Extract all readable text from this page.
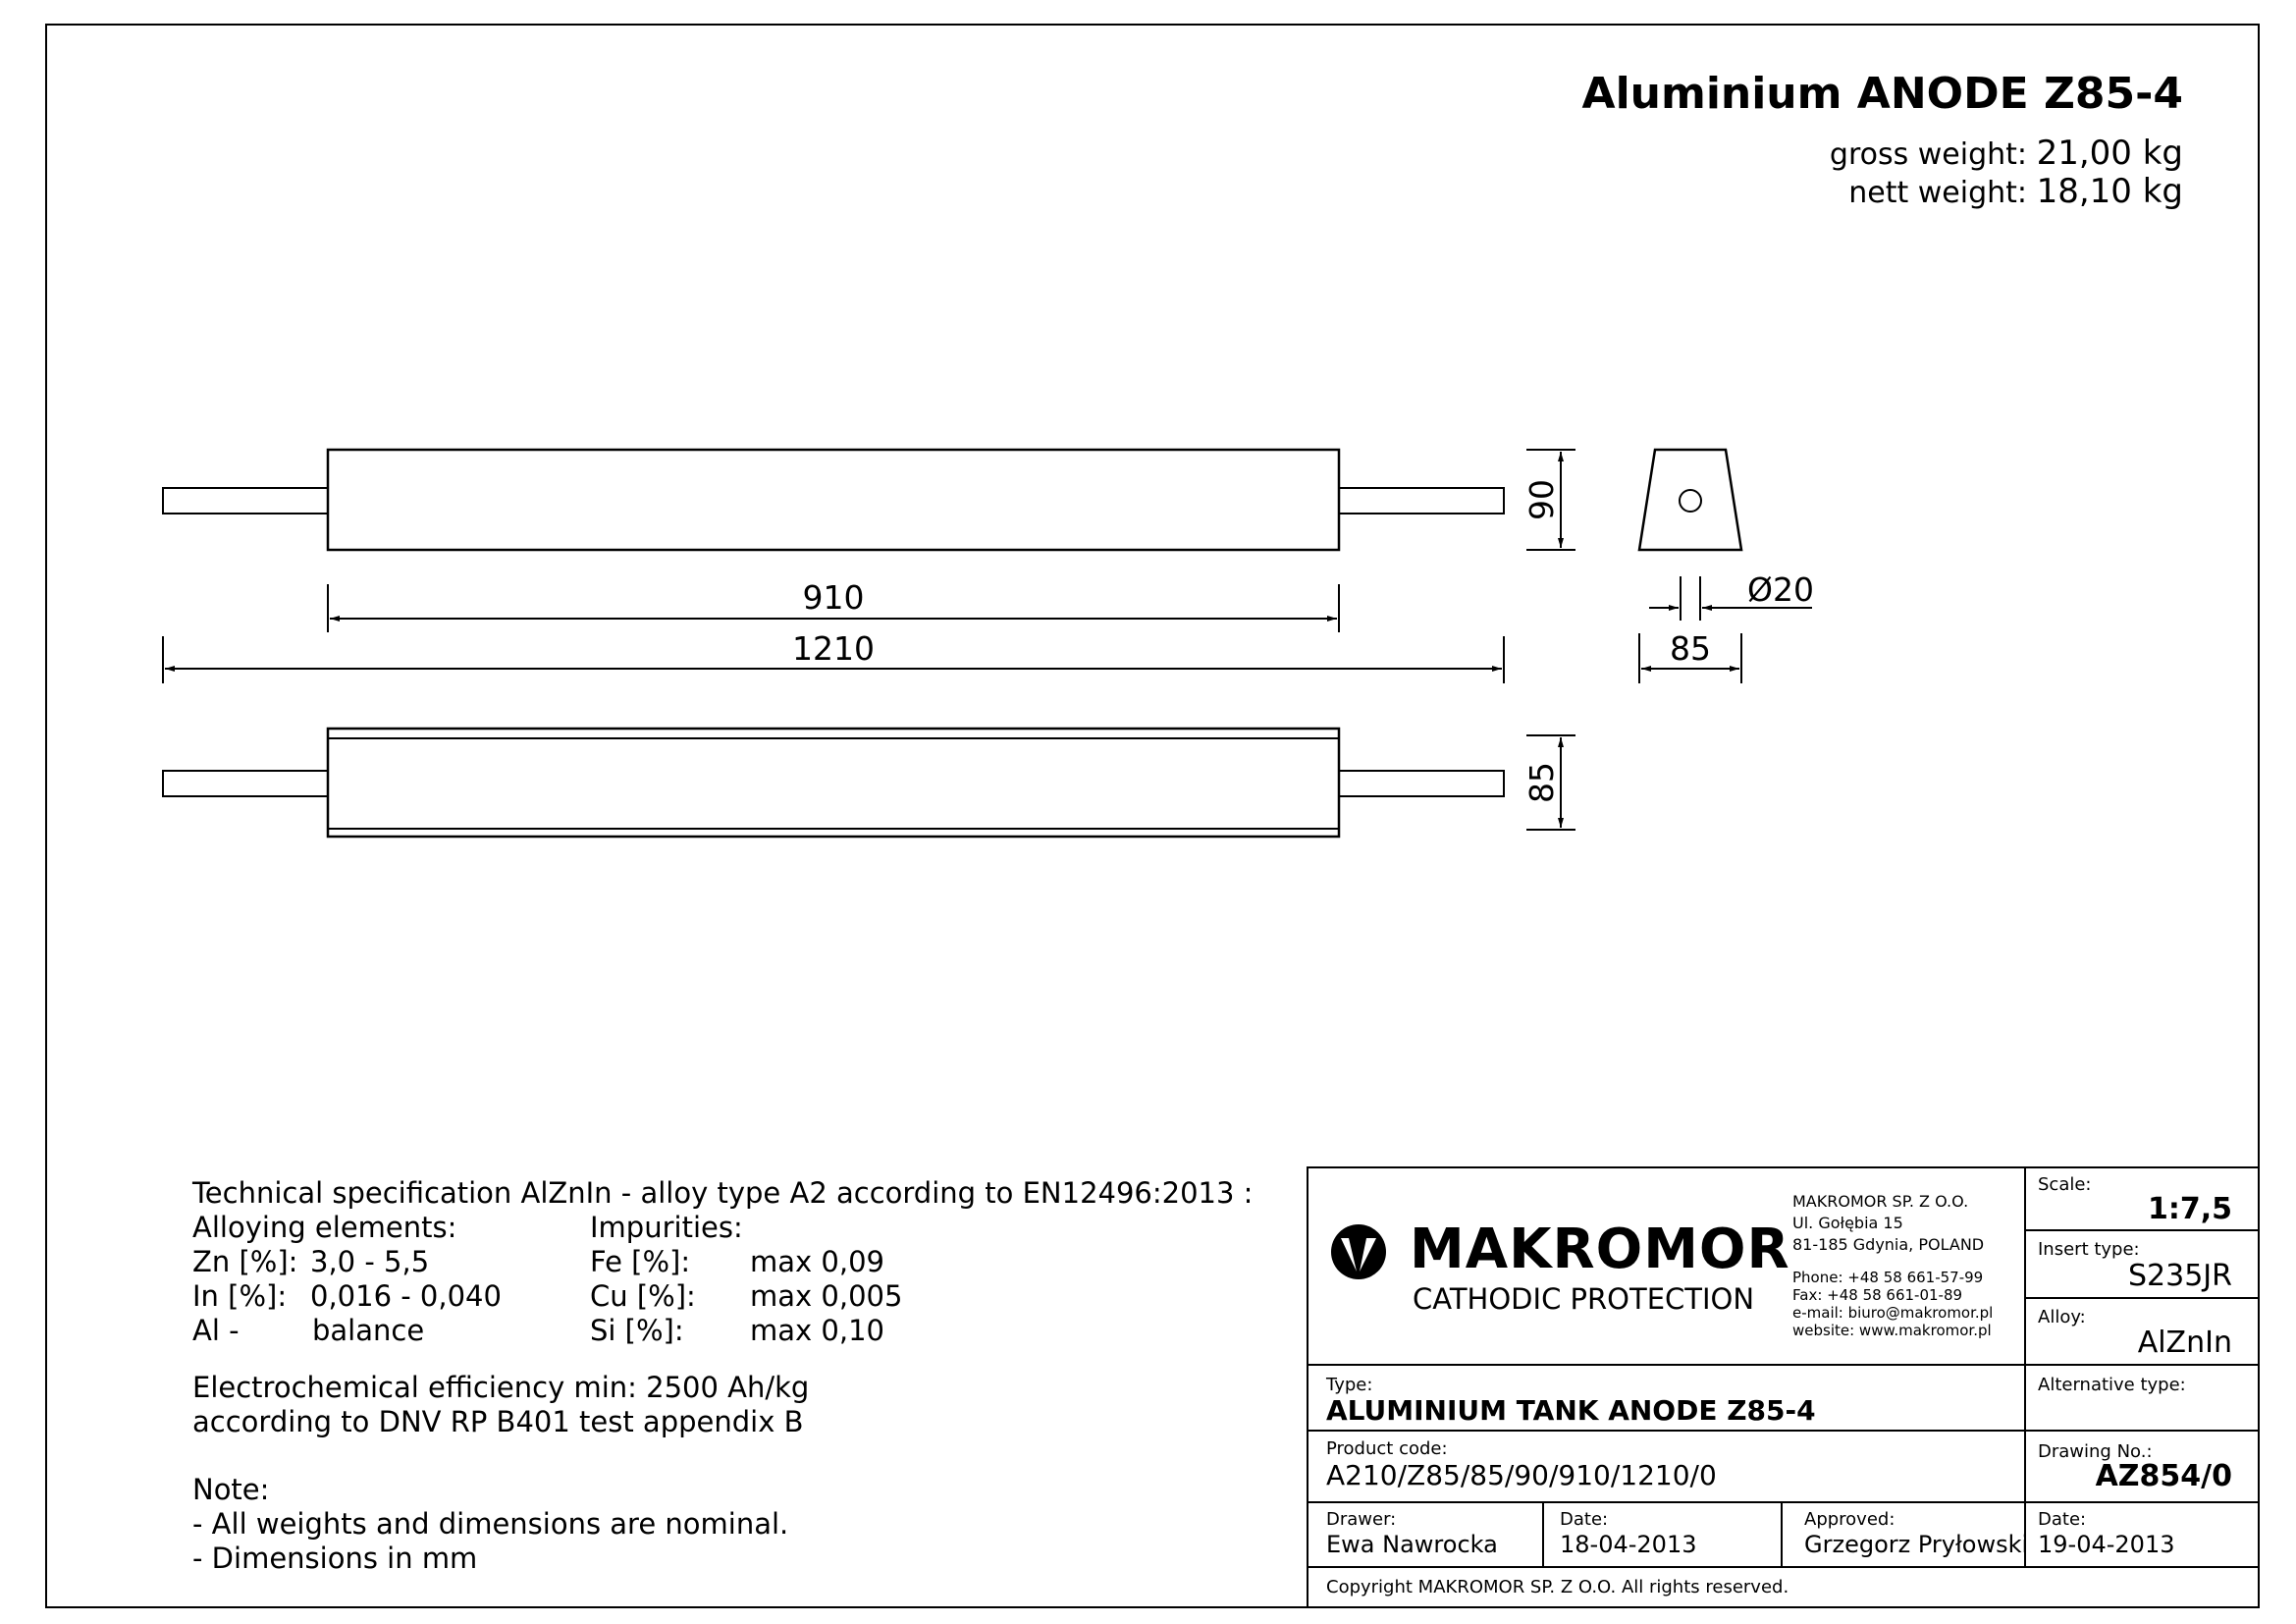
Aluminium ANODE Z85-4
gross weight: 21,00 kg
nett weight: 18,10 kg
910
1210
90
85
Ø20
85
Technical specification AlZnIn - alloy type A2 according to EN12496:2013 :
Alloying elements:	Impurities:
Zn [%]: 3,0 - 5,5
In [%]: 0,016 - 0,040
Al -	balance
Fe [%]: max 0,09
Cu [%]: max 0,005
Si [%]: max 0,10
Electrochemical efficiency min: 2500 Ah/kg
according to DNV RP B401 test appendix B
Note:
- All weights and dimensions are nominal.
- Dimensions in mm
MAKROMOR
CATHODIC PROTECTION
MAKROMOR SP. Z O.O.
Ul. Gołębia 15
81-185 Gdynia, POLAND
Phone: +48 58 661-57-99
Fax: +48 58 661-01-89
e-mail: biuro@makromor.pl
website: www.makromor.pl
Scale:
1:7,5
Insert type:
S235JR
Alloy:
AlZnIn
Alternative type:
Type:
ALUMINIUM TANK ANODE Z85-4
Product code:
A210/Z85/85/90/910/1210/0
Drawing No.:
AZ854/0
Drawer:
Ewa Nawrocka
Date:
18-04-2013
Approved:
Grzegorz Pryłowski
Date:
19-04-2013
Copyright MAKROMOR SP. Z O.O. All rights reserved.
